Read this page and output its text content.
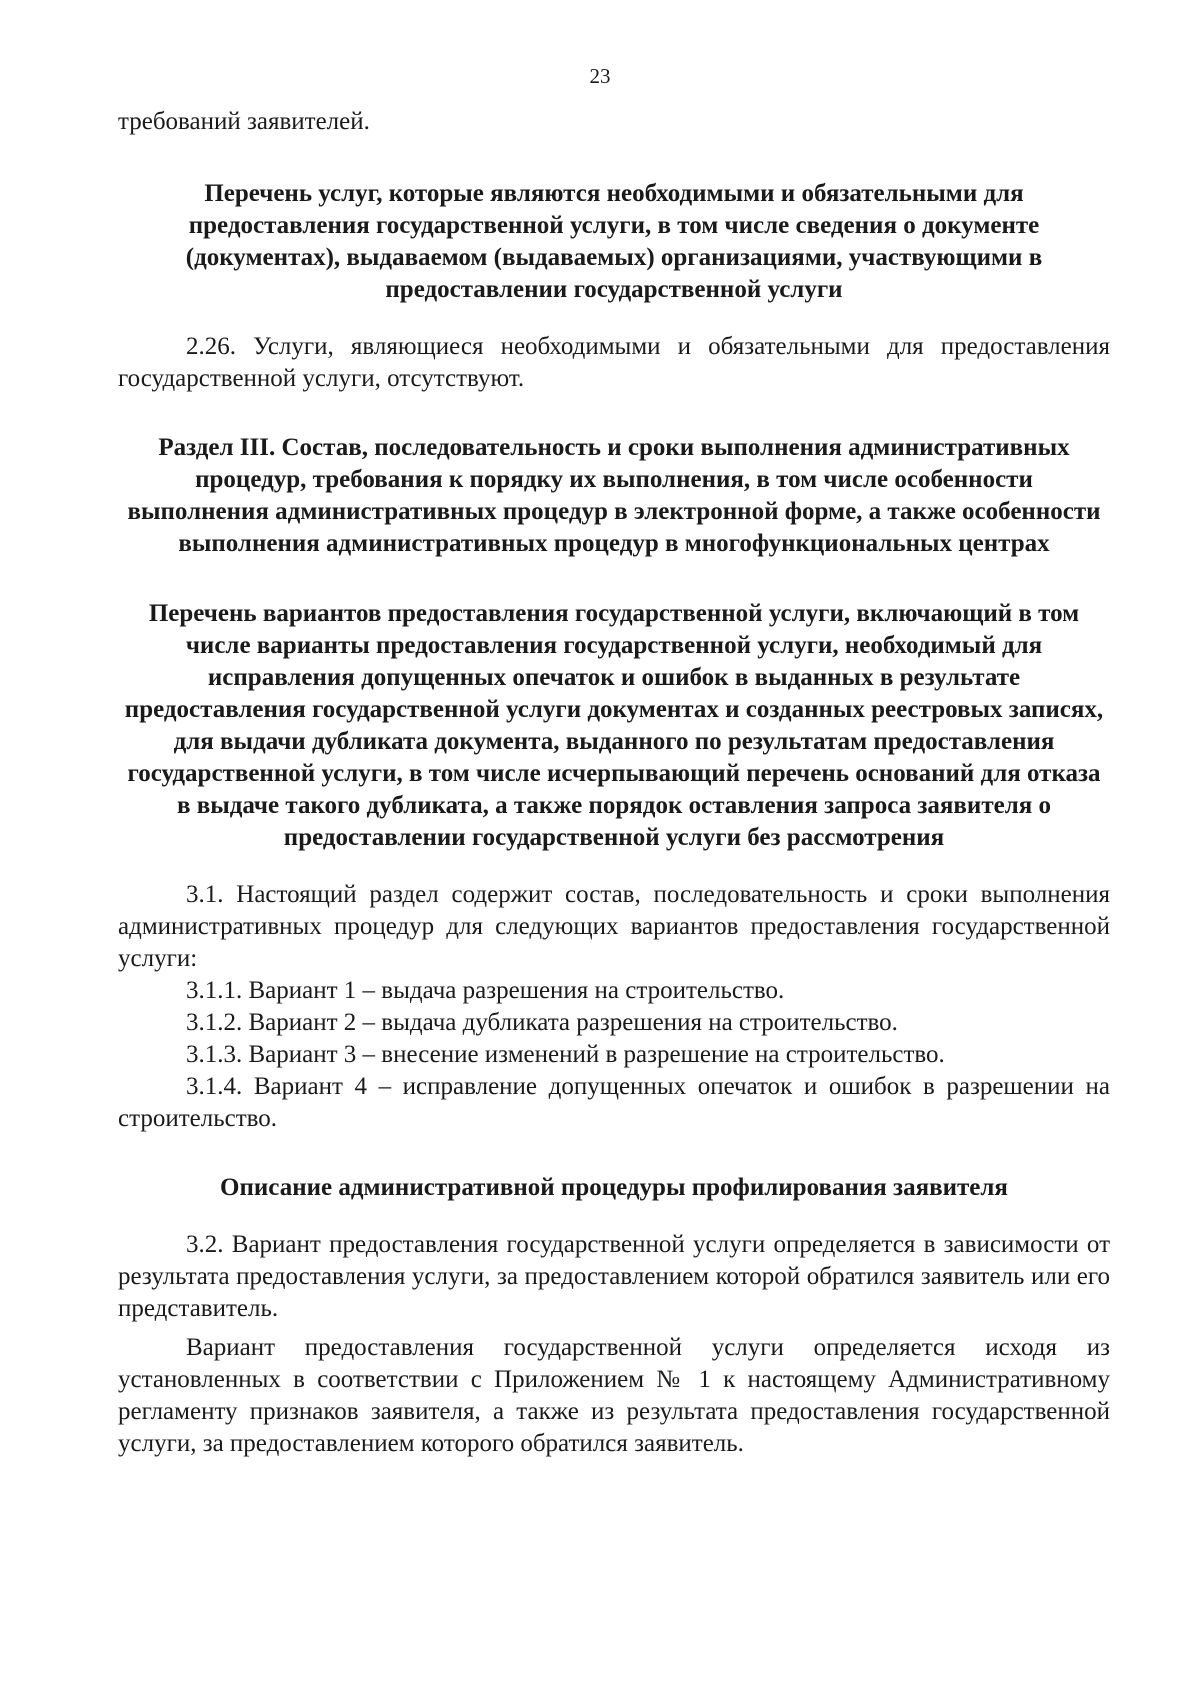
23

требований заявителей.

Перечень услуг, которые являются необходимыми и обязательными для предоставления государственной услуги, в том числе сведения о документе (документах), выдаваемом (выдаваемых) организациями, участвующими в предоставлении государственной услуги

2.26. Услуги, являющиеся необходимыми и обязательными для предоставления государственной услуги, отсутствуют.

Раздел III. Состав, последовательность и сроки выполнения административных процедур, требования к порядку их выполнения, в том числе особенности выполнения административных процедур в электронной форме, а также особенности выполнения административных процедур в многофункциональных центрах

Перечень вариантов предоставления государственной услуги, включающий в том числе варианты предоставления государственной услуги, необходимый для исправления допущенных опечаток и ошибок в выданных в результате предоставления государственной услуги документах и созданных реестровых записях, для выдачи дубликата документа, выданного по результатам предоставления государственной услуги, в том числе исчерпывающий перечень оснований для отказа в выдаче такого дубликата, а также порядок оставления запроса заявителя о предоставлении государственной услуги без рассмотрения

3.1. Настоящий раздел содержит состав, последовательность и сроки выполнения административных процедур для следующих вариантов предоставления государственной услуги:

3.1.1. Вариант 1 – выдача разрешения на строительство.

3.1.2. Вариант 2 – выдача дубликата разрешения на строительство.

3.1.3. Вариант 3 – внесение изменений в разрешение на строительство.

3.1.4. Вариант 4 – исправление допущенных опечаток и ошибок в разрешении на строительство.

Описание административной процедуры профилирования заявителя

3.2. Вариант предоставления государственной услуги определяется в зависимости от результата предоставления услуги, за предоставлением которой обратился заявитель или его представитель.

Вариант предоставления государственной услуги определяется исходя из установленных в соответствии с Приложением № 1 к настоящему Административному регламенту признаков заявителя, а также из результата предоставления государственной услуги, за предоставлением которого обратился заявитель.
